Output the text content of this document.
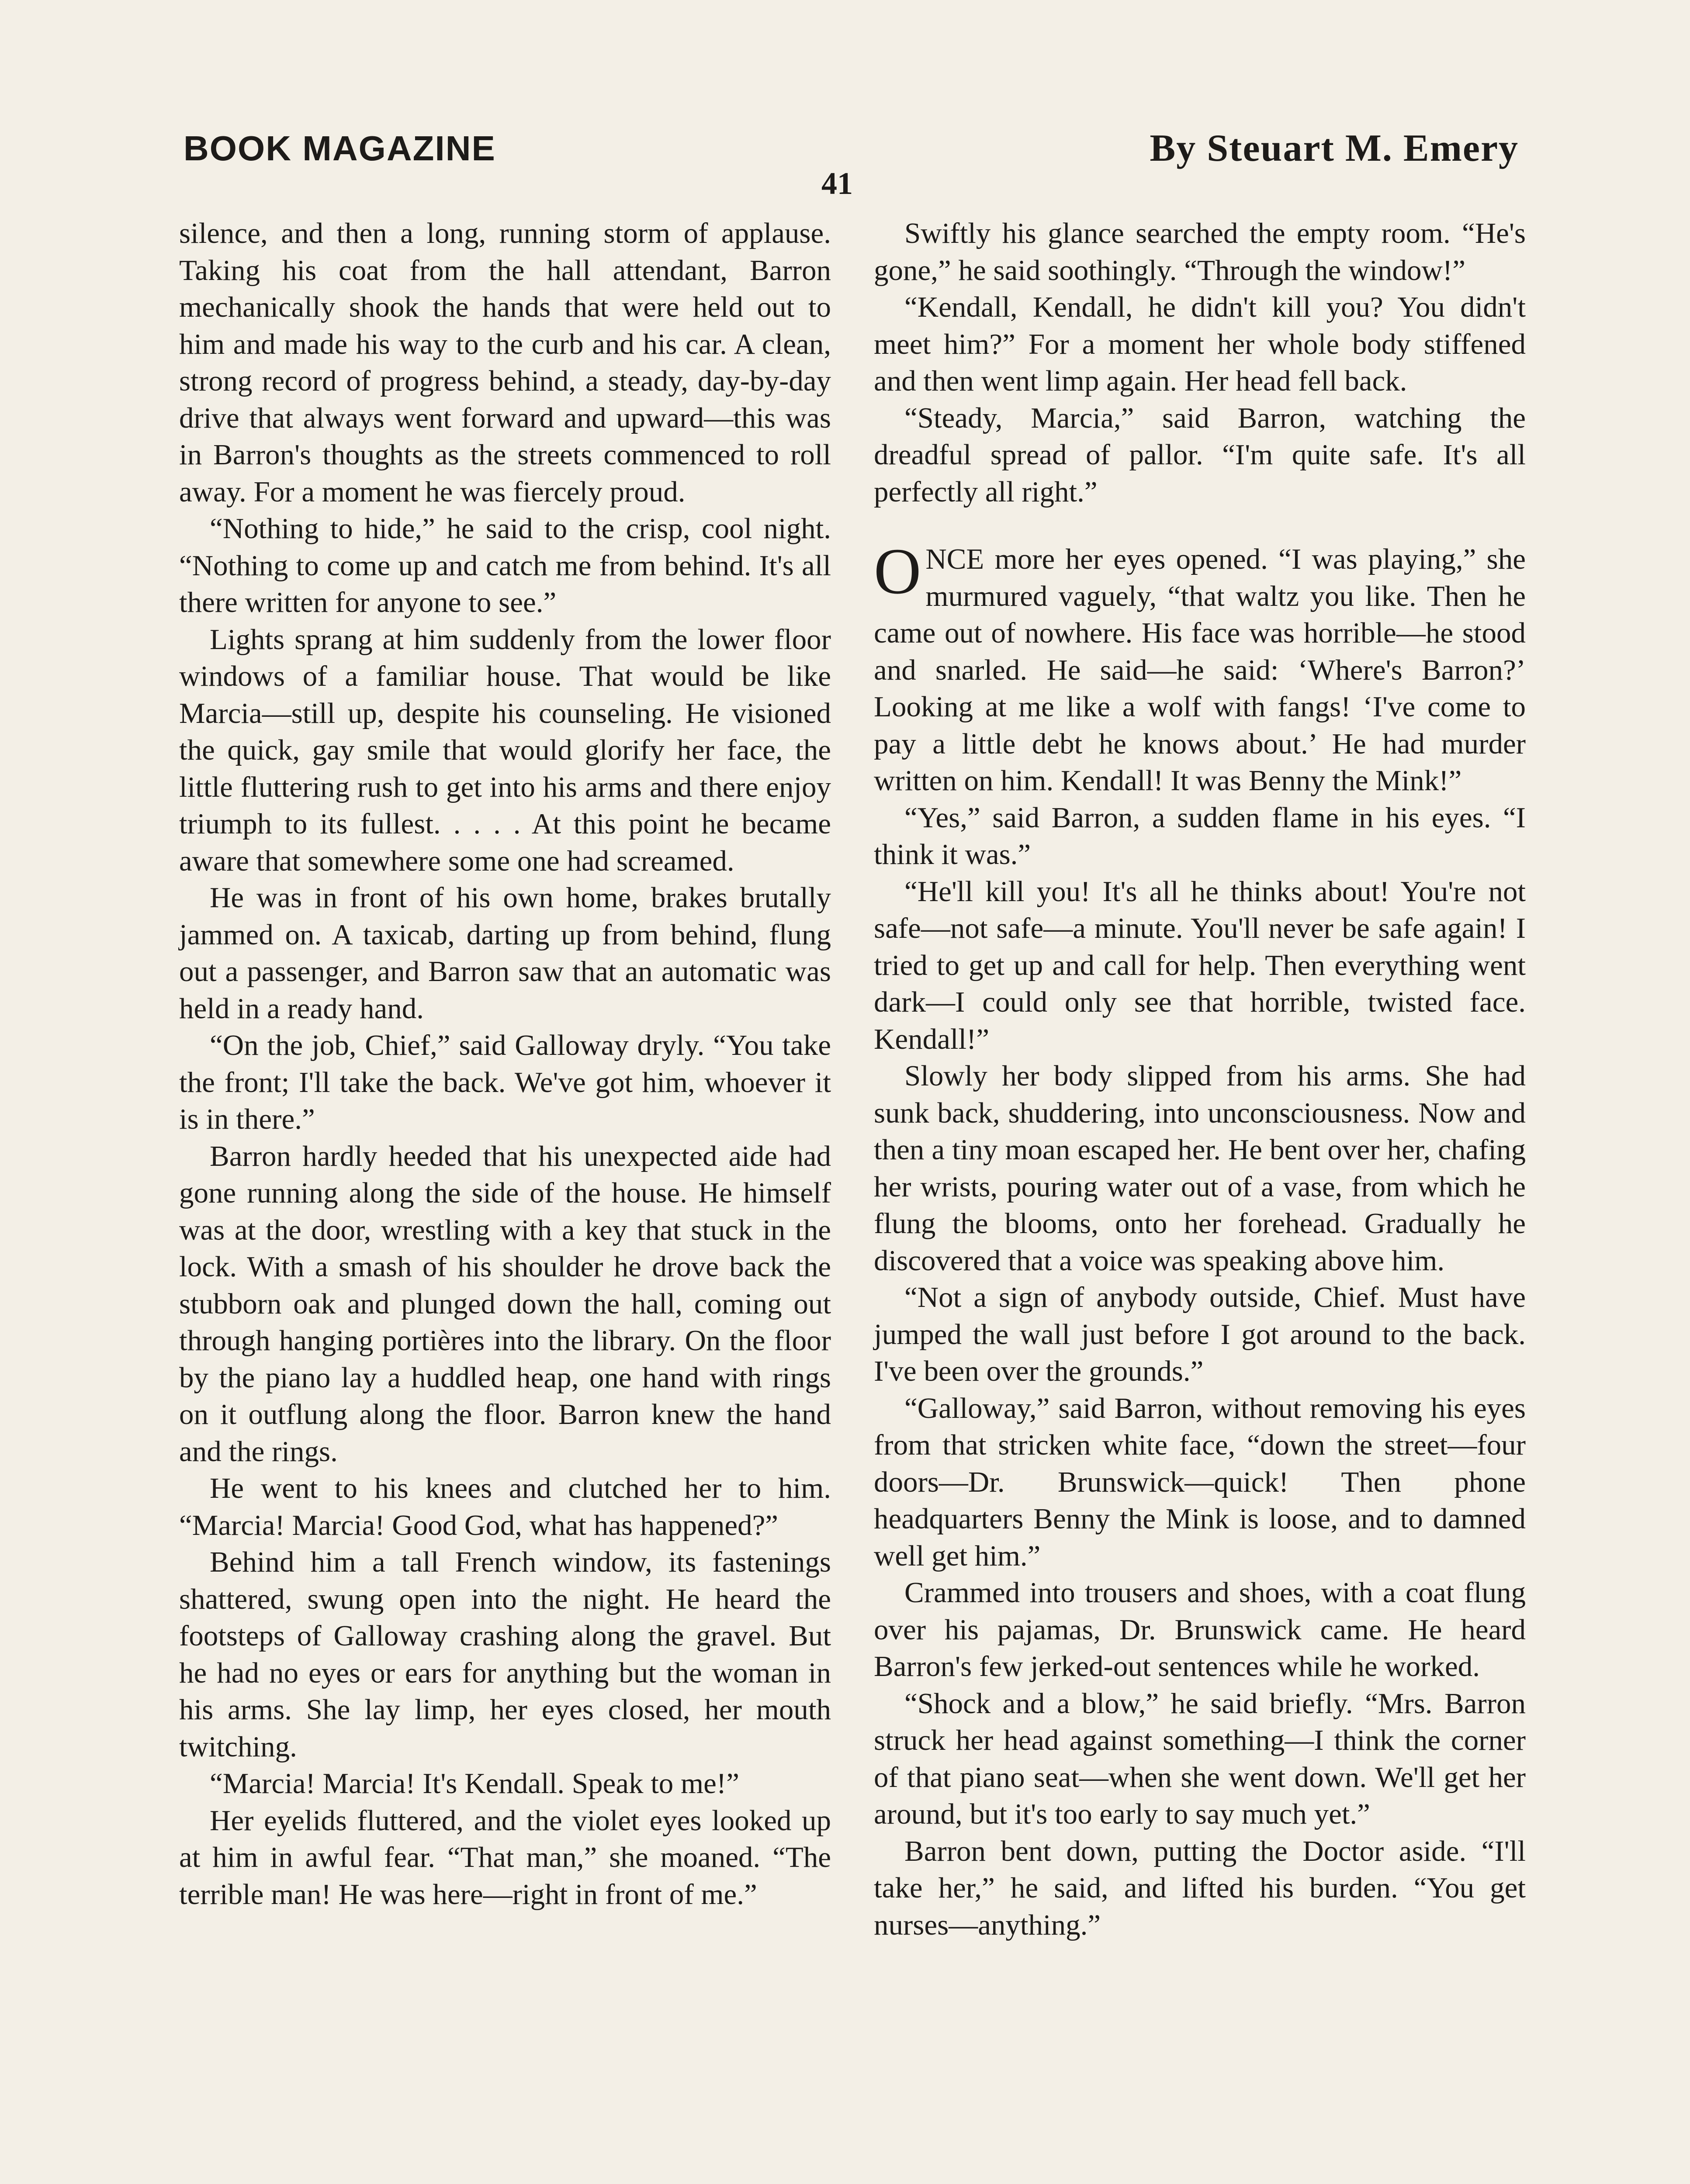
BOOK MAGAZINE	By Steuart M. Emery
41

silence, and then a long, running storm of applause. Taking his coat from the hall attendant, Barron mechanically shook the hands that were held out to him and made his way to the curb and his car. A clean, strong record of progress behind, a steady, day-by-day drive that always went forward and upward—this was in Barron's thoughts as the streets commenced to roll away. For a moment he was fiercely proud.

“Nothing to hide,” he said to the crisp, cool night. “Nothing to come up and catch me from behind. It's all there written for anyone to see.”

Lights sprang at him suddenly from the lower floor windows of a familiar house. That would be like Marcia—still up, despite his counseling. He visioned the quick, gay smile that would glorify her face, the little fluttering rush to get into his arms and there enjoy triumph to its fullest. . . . . At this point he became aware that somewhere some one had screamed.

He was in front of his own home, brakes brutally jammed on. A taxicab, darting up from behind, flung out a passenger, and Barron saw that an automatic was held in a ready hand.

“On the job, Chief,” said Galloway dryly. “You take the front; I'll take the back. We've got him, whoever it is in there.”

Barron hardly heeded that his unexpected aide had gone running along the side of the house. He himself was at the door, wrestling with a key that stuck in the lock. With a smash of his shoulder he drove back the stubborn oak and plunged down the hall, coming out through hanging portières into the library. On the floor by the piano lay a huddled heap, one hand with rings on it outflung along the floor. Barron knew the hand and the rings.

He went to his knees and clutched her to him. “Marcia! Marcia! Good God, what has happened?”

Behind him a tall French window, its fastenings shattered, swung open into the night. He heard the footsteps of Galloway crashing along the gravel. But he had no eyes or ears for anything but the woman in his arms. She lay limp, her eyes closed, her mouth twitching.

“Marcia! Marcia! It's Kendall. Speak to me!”

Her eyelids fluttered, and the violet eyes looked up at him in awful fear. “That man,” she moaned. “The terrible man! He was here—right in front of me.”

Swiftly his glance searched the empty room. “He's gone,” he said soothingly. “Through the window!”

“Kendall, Kendall, he didn't kill you? You didn't meet him?” For a moment her whole body stiffened and then went limp again. Her head fell back.

“Steady, Marcia,” said Barron, watching the dreadful spread of pallor. “I'm quite safe. It's all perfectly all right.”

ONCE more her eyes opened. “I was playing,” she murmured vaguely, “that waltz you like. Then he came out of nowhere. His face was horrible—he stood and snarled. He said—he said: ‘Where's Barron?’ Looking at me like a wolf with fangs! ‘I've come to pay a little debt he knows about.’ He had murder written on him. Kendall! It was Benny the Mink!”

“Yes,” said Barron, a sudden flame in his eyes. “I think it was.”

“He'll kill you! It's all he thinks about! You're not safe—not safe—a minute. You'll never be safe again! I tried to get up and call for help. Then everything went dark—I could only see that horrible, twisted face. Kendall!”

Slowly her body slipped from his arms. She had sunk back, shuddering, into unconsciousness. Now and then a tiny moan escaped her. He bent over her, chafing her wrists, pouring water out of a vase, from which he flung the blooms, onto her forehead. Gradually he discovered that a voice was speaking above him.

“Not a sign of anybody outside, Chief. Must have jumped the wall just before I got around to the back. I've been over the grounds.”

“Galloway,” said Barron, without removing his eyes from that stricken white face, “down the street—four doors—Dr. Brunswick—quick! Then phone headquarters Benny the Mink is loose, and to damned well get him.”

Crammed into trousers and shoes, with a coat flung over his pajamas, Dr. Brunswick came. He heard Barron's few jerked-out sentences while he worked.

“Shock and a blow,” he said briefly. “Mrs. Barron struck her head against something—I think the corner of that piano seat—when she went down. We'll get her around, but it's too early to say much yet.”

Barron bent down, putting the Doctor aside. “I'll take her,” he said, and lifted his burden. “You get nurses—anything.”
